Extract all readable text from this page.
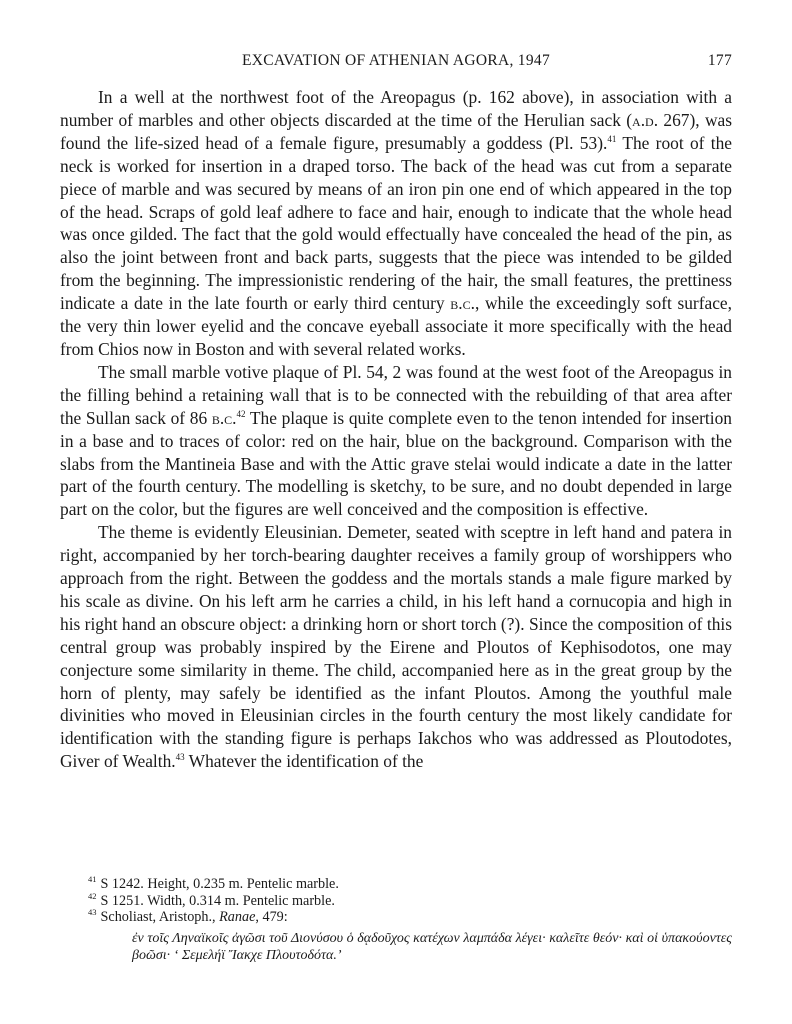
EXCAVATION OF ATHENIAN AGORA, 1947	177

In a well at the northwest foot of the Areopagus (p. 162 above), in association with a number of marbles and other objects discarded at the time of the Herulian sack (a.d. 267), was found the life-sized head of a female figure, presumably a goddess (Pl. 53).$^{41}$ The root of the neck is worked for insertion in a draped torso. The back of the head was cut from a separate piece of marble and was secured by means of an iron pin one end of which appeared in the top of the head. Scraps of gold leaf adhere to face and hair, enough to indicate that the whole head was once gilded. The fact that the gold would effectually have concealed the head of the pin, as also the joint between front and back parts, suggests that the piece was intended to be gilded from the beginning. The impressionistic rendering of the hair, the small features, the prettiness indicate a date in the late fourth or early third century b.c., while the exceedingly soft surface, the very thin lower eyelid and the concave eyeball associate it more specifically with the head from Chios now in Boston and with several related works.

The small marble votive plaque of Pl. 54, 2 was found at the west foot of the Areopagus in the filling behind a retaining wall that is to be connected with the rebuilding of that area after the Sullan sack of 86 b.c.$^{42}$ The plaque is quite complete even to the tenon intended for insertion in a base and to traces of color: red on the hair, blue on the background. Comparison with the slabs from the Mantineia Base and with the Attic grave stelai would indicate a date in the latter part of the fourth century. The modelling is sketchy, to be sure, and no doubt depended in large part on the color, but the figures are well conceived and the composition is effective.

The theme is evidently Eleusinian. Demeter, seated with sceptre in left hand and patera in right, accompanied by her torch-bearing daughter receives a family group of worshippers who approach from the right. Between the goddess and the mortals stands a male figure marked by his scale as divine. On his left arm he carries a child, in his left hand a cornucopia and high in his right hand an obscure object: a drinking horn or short torch (?). Since the composition of this central group was probably inspired by the Eirene and Ploutos of Kephisodotos, one may conjecture some similarity in theme. The child, accompanied here as in the great group by the horn of plenty, may safely be identified as the infant Ploutos. Among the youthful male divinities who moved in Eleusinian circles in the fourth century the most likely candidate for identification with the standing figure is perhaps Iakchos who was addressed as Ploutodotes, Giver of Wealth.$^{43}$ Whatever the identification of the

$^{41}$ S 1242. Height, 0.235 m. Pentelic marble.

$^{42}$ S 1251. Width, 0.314 m. Pentelic marble.

$^{43}$ Scholiast, Aristoph., Ranae, 479:

ἐν τοῖς Ληναϊκοῖς ἀγῶσι τοῦ Διονύσου ὁ δᾳδοῦχος κατέχων λαμπάδα λέγει· καλεῖτε θεόν· καὶ οἱ ὑπακούοντες βοῶσι· ‘ Σεμελήϊ Ἴακχε Πλουτοδότα.’
